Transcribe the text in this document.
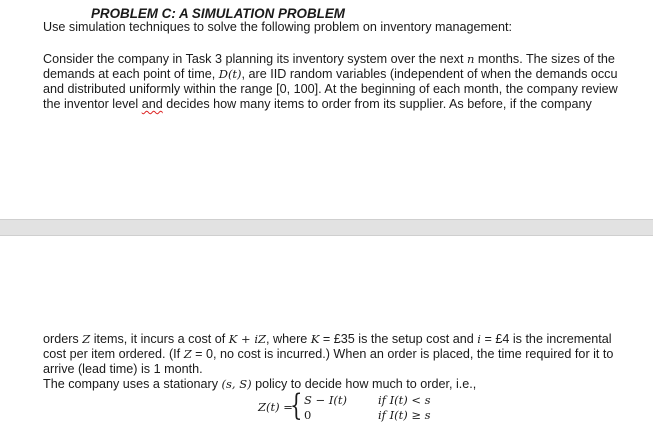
PROBLEM C: A SIMULATION PROBLEM

Use simulation techniques to solve the following problem on inventory management:

Consider the company in Task 3 planning its inventory system over the next n months. The sizes of the

demands at each point of time, D(t), are IID random variables (independent of when the demands occu

and distributed uniformly within the range [0, 100]. At the beginning of each month, the company review

the inventor level and decides how many items to order from its supplier. As before, if the company

orders Z items, it incurs a cost of K + iZ, where K = £35 is the setup cost and i = £4 is the incremental

cost per item ordered. (If Z = 0, no cost is incurred.) When an order is placed, the time required for it to

arrive (lead time) is 1 month.

The company uses a stationary (s, S) policy to decide how much to order, i.e.,

Z(t) =
{ S − I(t)	if I(t) < s
0	if I(t) ≥ s
